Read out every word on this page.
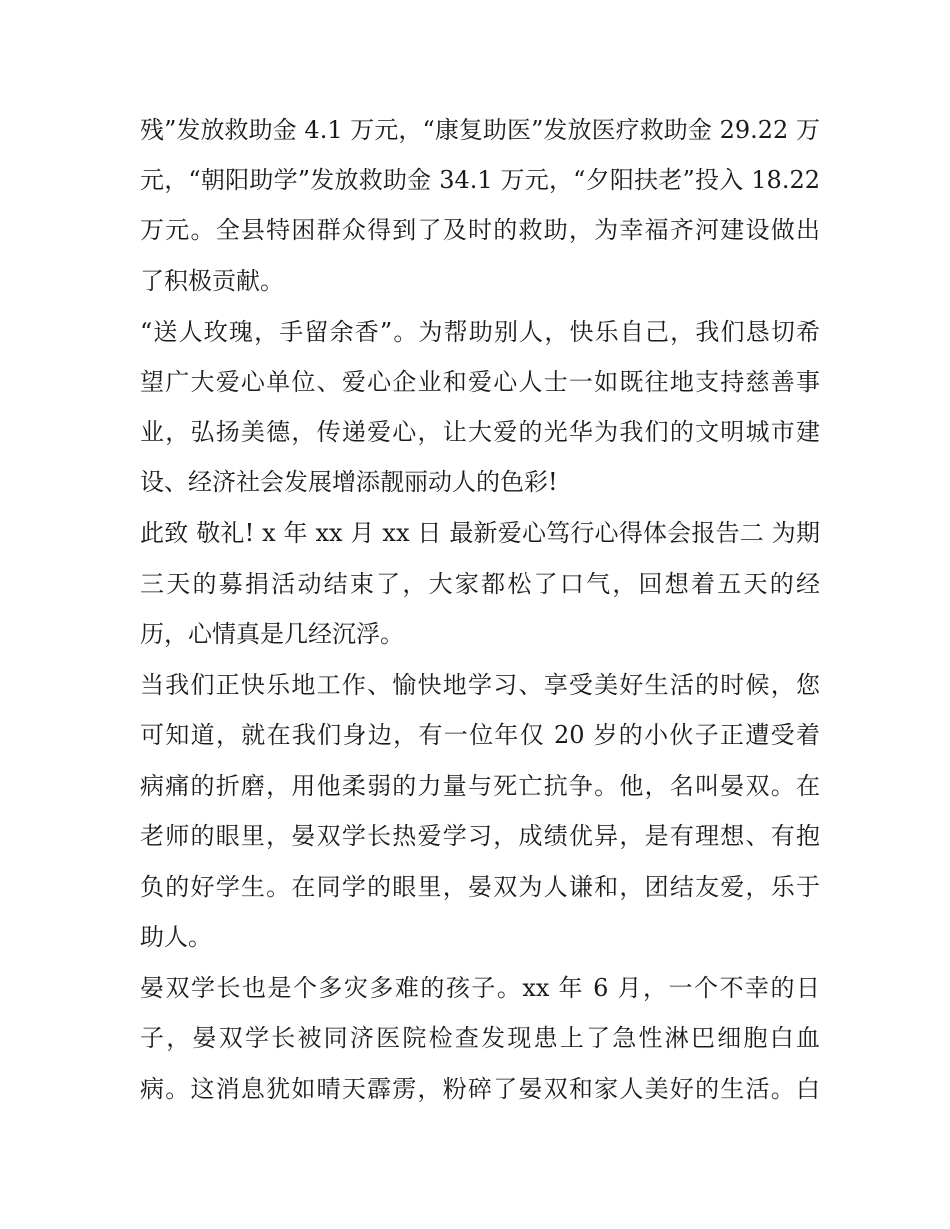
残”发放救助金 4.1 万元，“康复助医”发放医疗救助金 29.22 万
元，“朝阳助学”发放救助金 34.1 万元，“夕阳扶老”投入 18.22
万元。全县特困群众得到了及时的救助，为幸福齐河建设做出
了积极贡献。
“送人玫瑰，手留余香”。为帮助别人，快乐自己，我们恳切希
望广大爱心单位、爱心企业和爱心人士一如既往地支持慈善事
业，弘扬美德，传递爱心，让大爱的光华为我们的文明城市建
设、经济社会发展增添靓丽动人的色彩!
此致 敬礼! x 年 xx 月 xx 日 最新爱心笃行心得体会报告二 为期
三天的募捐活动结束了，大家都松了口气，回想着五天的经
历，心情真是几经沉浮。
当我们正快乐地工作、愉快地学习、享受美好生活的时候，您
可知道，就在我们身边，有一位年仅 20 岁的小伙子正遭受着
病痛的折磨，用他柔弱的力量与死亡抗争。他，名叫晏双。在
老师的眼里，晏双学长热爱学习，成绩优异，是有理想、有抱
负的好学生。在同学的眼里，晏双为人谦和，团结友爱，乐于
助人。
晏双学长也是个多灾多难的孩子。xx 年 6 月，一个不幸的日
子，晏双学长被同济医院检查发现患上了急性淋巴细胞白血
病。这消息犹如晴天霹雳，粉碎了晏双和家人美好的生活。白
